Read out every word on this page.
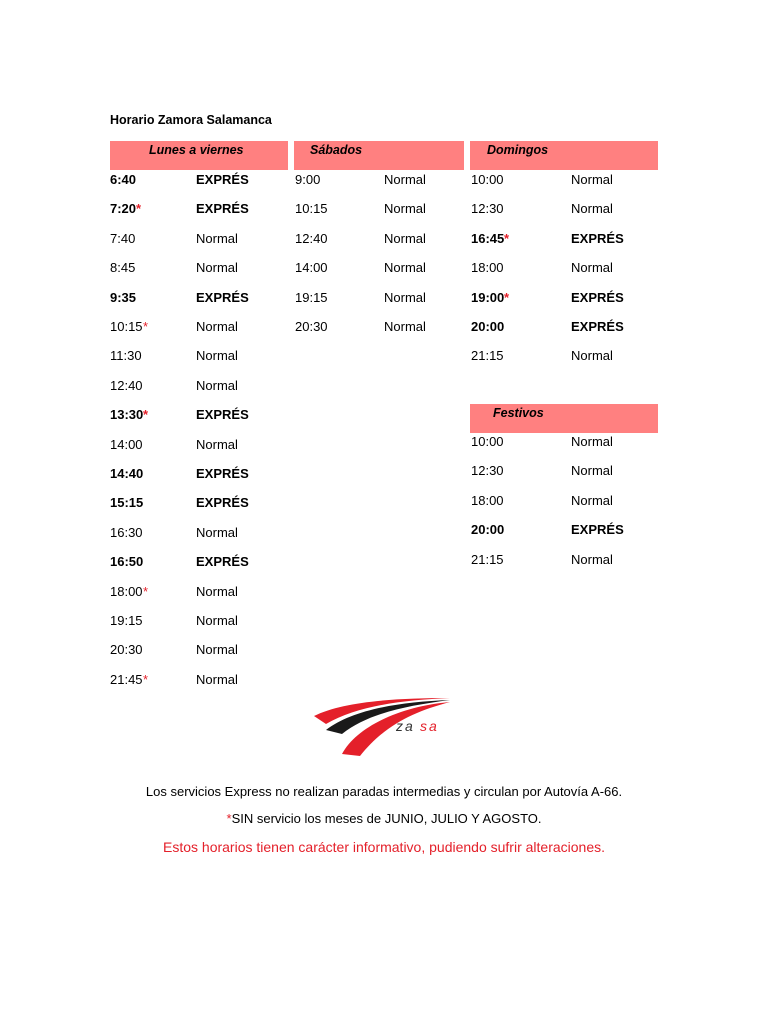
Horario Zamora Salamanca
Lunes a viernes
6:40	EXPRÉS
7:20 *	EXPRÉS
7:40	Normal
8:45	Normal
9:35	EXPRÉS
10:15 *	Normal
11:30	Normal
12:40	Normal
13:30 *	EXPRÉS
14:00	Normal
14:40	EXPRÉS
15:15	EXPRÉS
16:30	Normal
16:50	EXPRÉS
18:00 *	Normal
19:15	Normal
20:30	Normal
21:45 *	Normal
Sábados
9:00	Normal
10:15	Normal
12:40	Normal
14:00	Normal
19:15	Normal
20:30	Normal
Domingos
10:00	Normal
12:30	Normal
16:45 *	EXPRÉS
18:00	Normal
19:00 *	EXPRÉS
20:00	EXPRÉS
21:15	Normal
Festivos
10:00	Normal
12:30	Normal
18:00	Normal
20:00	EXPRÉS
21:15	Normal
za sa
Los servicios Express no realizan paradas intermedias y circulan por Autovía A-66.
*SIN servicio los meses de JUNIO, JULIO Y AGOSTO.
Estos horarios tienen carácter informativo, pudiendo sufrir alteraciones.
